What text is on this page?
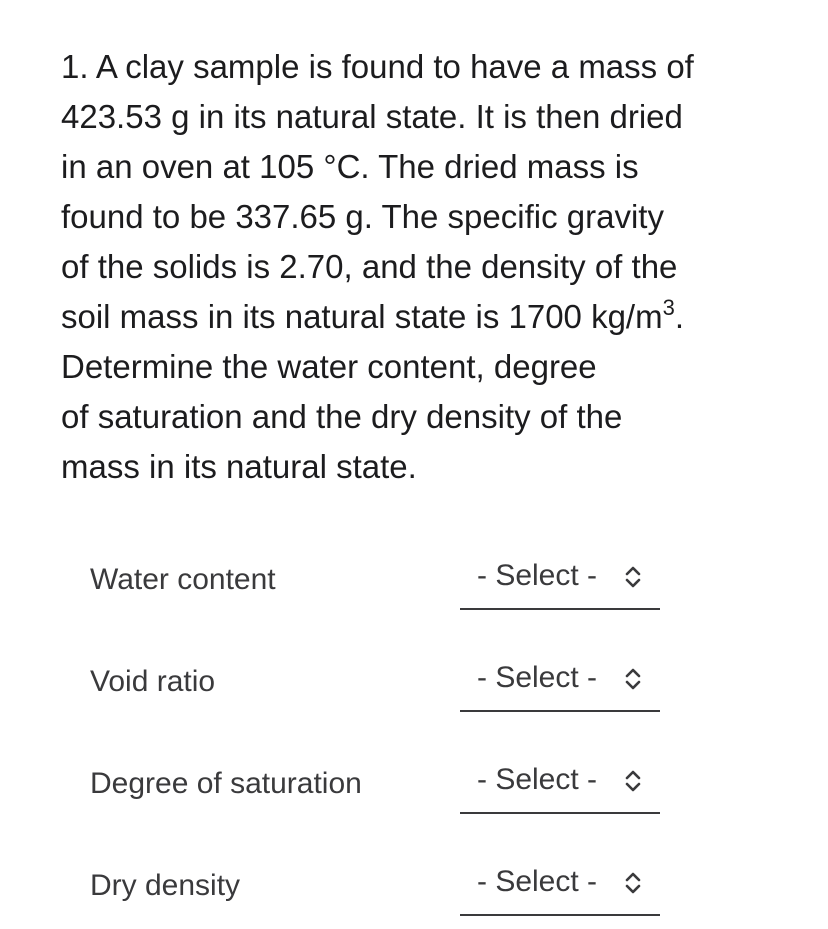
1. A clay sample is found to have a mass of
423.53 g in its natural state. It is then dried
in an oven at 105 °C. The dried mass is
found to be 337.65 g. The specific gravity
of the solids is 2.70, and the density of the
soil mass in its natural state is 1700 $kg/m^3$.
Determine the water content, degree
of saturation and the dry density of the
mass in its natural state.
Water content	- Select -
Void ratio	- Select -
Degree of saturation	- Select -
Dry density	- Select -
